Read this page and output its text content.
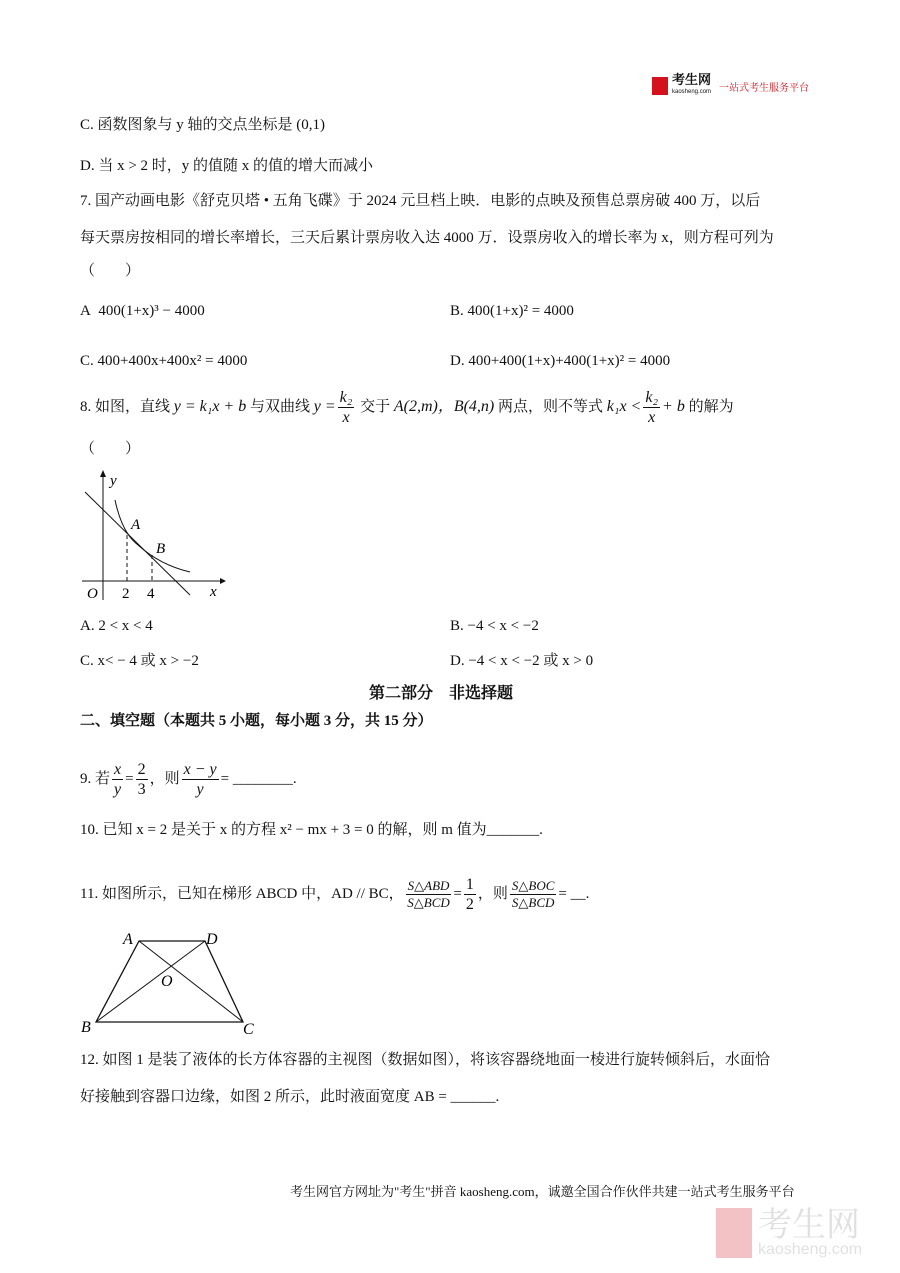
考生网
kaosheng.com 一站式考生服务平台
C. 函数图象与 y 轴的交点坐标是 (0,1)
D. 当 x > 2 时，y 的值随 x 的值的增大而减小
7. 国产动画电影《舒克贝塔 • 五角飞碟》于 2024 元旦档上映．电影的点映及预售总票房破 400 万，以后
每天票房按相同的增长率增长，三天后累计票房收入达 4000 万．设票房收入的增长率为 x，则方程可列为
（　　）
A 400(1+x)³ − 4000	B. 400(1+x)² = 4000
C. 400+400x+400x² = 4000	D. 400+400(1+x)+400(1+x)² = 4000
8. 如图，直线 y = k₁x + b 与双曲线 $y = \frac{\text{k₂}}{x}$ 交于 A(2,m)，B(4,n) 两点，则不等式 $k_1x < \frac{\text{k₂}}{x} + b$ 的解为
（　　）
y
x
O 2 4
A
B
A. 2 < x < 4	B. −4 < x < −2
C. x< − 4 或 x > −2	D. −4 < x < −2 或 x > 0
第二部分　非选择题
二、填空题（本题共 5 小题，每小题 3 分，共 15 分）
9. 若 $\frac{x}{y} = \frac{2}{3}$ ，则 $\frac{x - y}{y}$ = ________.
10. 已知 x = 2 是关于 x 的方程 x² − mx + 3 = 0 的解，则 m 值为_______.
11. 如图所示，已知在梯形 ABCD 中，AD // BC， $\frac{\text{S△ABD}}{\text{S△BCD}} = \frac{1}{2}$ ，则 $\frac{\text{S△BOC}}{\text{S△BCD}}$ = __.
A	D
B	C
O
12. 如图 1 是装了液体的长方体容器的主视图（数据如图），将该容器绕地面一棱进行旋转倾斜后，水面恰
好接触到容器口边缘，如图 2 所示，此时液面宽度 AB = ______.
考生网官方网址为"考生"拼音 kaosheng.com，诚邀全国合作伙伴共建一站式考生服务平台
考生网
kaosheng.com
